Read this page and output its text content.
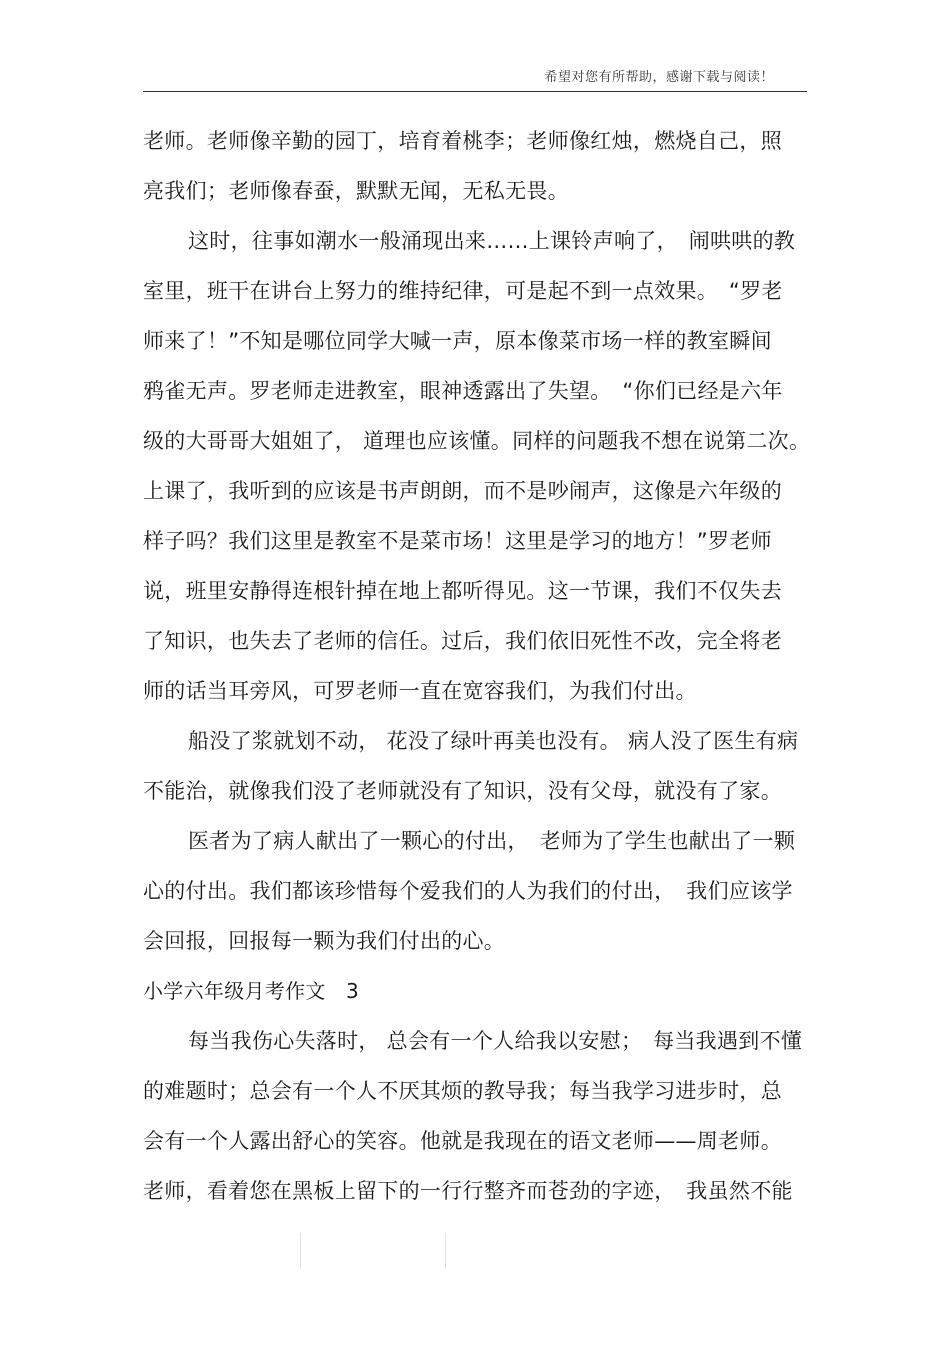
希望对您有所帮助，感谢下载与阅读！
老师。老师像辛勤的园丁，培育着桃李；老师像红烛，燃烧自己，照
亮我们；老师像春蚕，默默无闻，无私无畏。
这时，往事如潮水一般涌现出来……上课铃声响了，　闹哄哄的教
室里，班干在讲台上努力的维持纪律，可是起不到一点效果。　“罗老
师来了！”不知是哪位同学大喊一声，原本像菜市场一样的教室瞬间
鸦雀无声。罗老师走进教室，眼神透露出了失望。　“你们已经是六年
级的大哥哥大姐姐了， 道理也应该懂。同样的问题我不想在说第二次。
上课了，我听到的应该是书声朗朗，而不是吵闹声，这像是六年级的
样子吗？我们这里是教室不是菜市场！这里是学习的地方！”罗老师
说，班里安静得连根针掉在地上都听得见。这一节课，我们不仅失去
了知识，也失去了老师的信任。过后，我们依旧死性不改，完全将老
师的话当耳旁风，可罗老师一直在宽容我们，为我们付出。
船没了浆就划不动， 花没了绿叶再美也没有。 病人没了医生有病
不能治，就像我们没了老师就没有了知识，没有父母，就没有了家。
医者为了病人献出了一颗心的付出，　老师为了学生也献出了一颗
心的付出。我们都该珍惜每个爱我们的人为我们的付出，　我们应该学
会回报，回报每一颗为我们付出的心。
小学六年级月考作文　3
每当我伤心失落时， 总会有一个人给我以安慰；　每当我遇到不懂
的难题时；总会有一个人不厌其烦的教导我；每当我学习进步时，总
会有一个人露出舒心的笑容。他就是我现在的语文老师——周老师。
老师，看着您在黑板上留下的一行行整齐而苍劲的字迹，　我虽然不能
